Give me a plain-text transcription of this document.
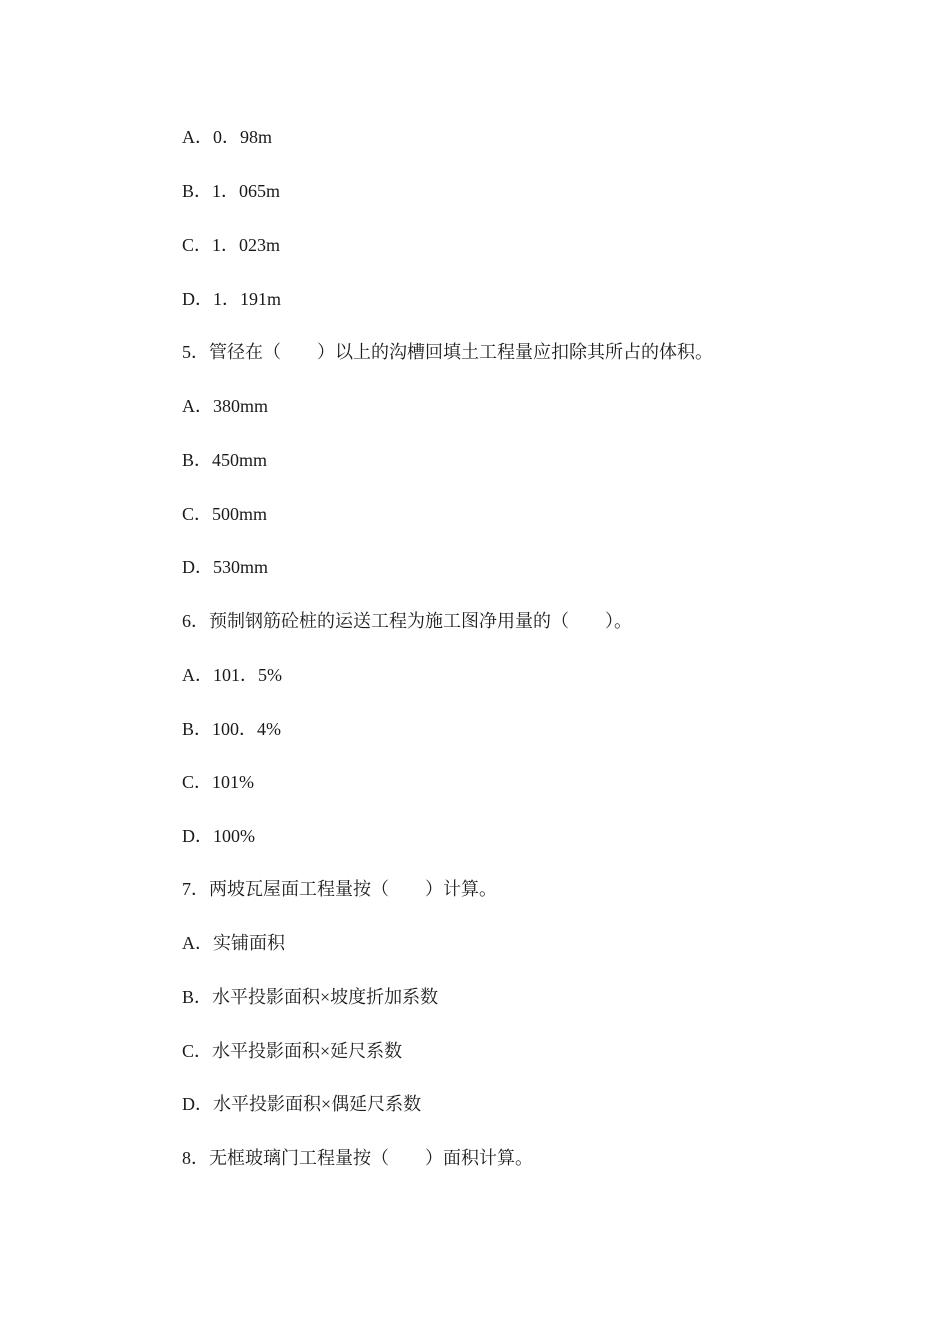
A．0．98m
B．1．065m
C．1．023m
D．1．191m
5．管径在（　　）以上的沟槽回填土工程量应扣除其所占的体积。
A．380mm
B．450mm
C．500mm
D．530mm
6．预制钢筋砼桩的运送工程为施工图净用量的（　　）。
A．101．5%
B．100．4%
C．101%
D．100%
7．两坡瓦屋面工程量按（　　）计算。
A．实铺面积
B．水平投影面积×坡度折加系数
C．水平投影面积×延尺系数
D．水平投影面积×偶延尺系数
8．无框玻璃门工程量按（　　）面积计算。
